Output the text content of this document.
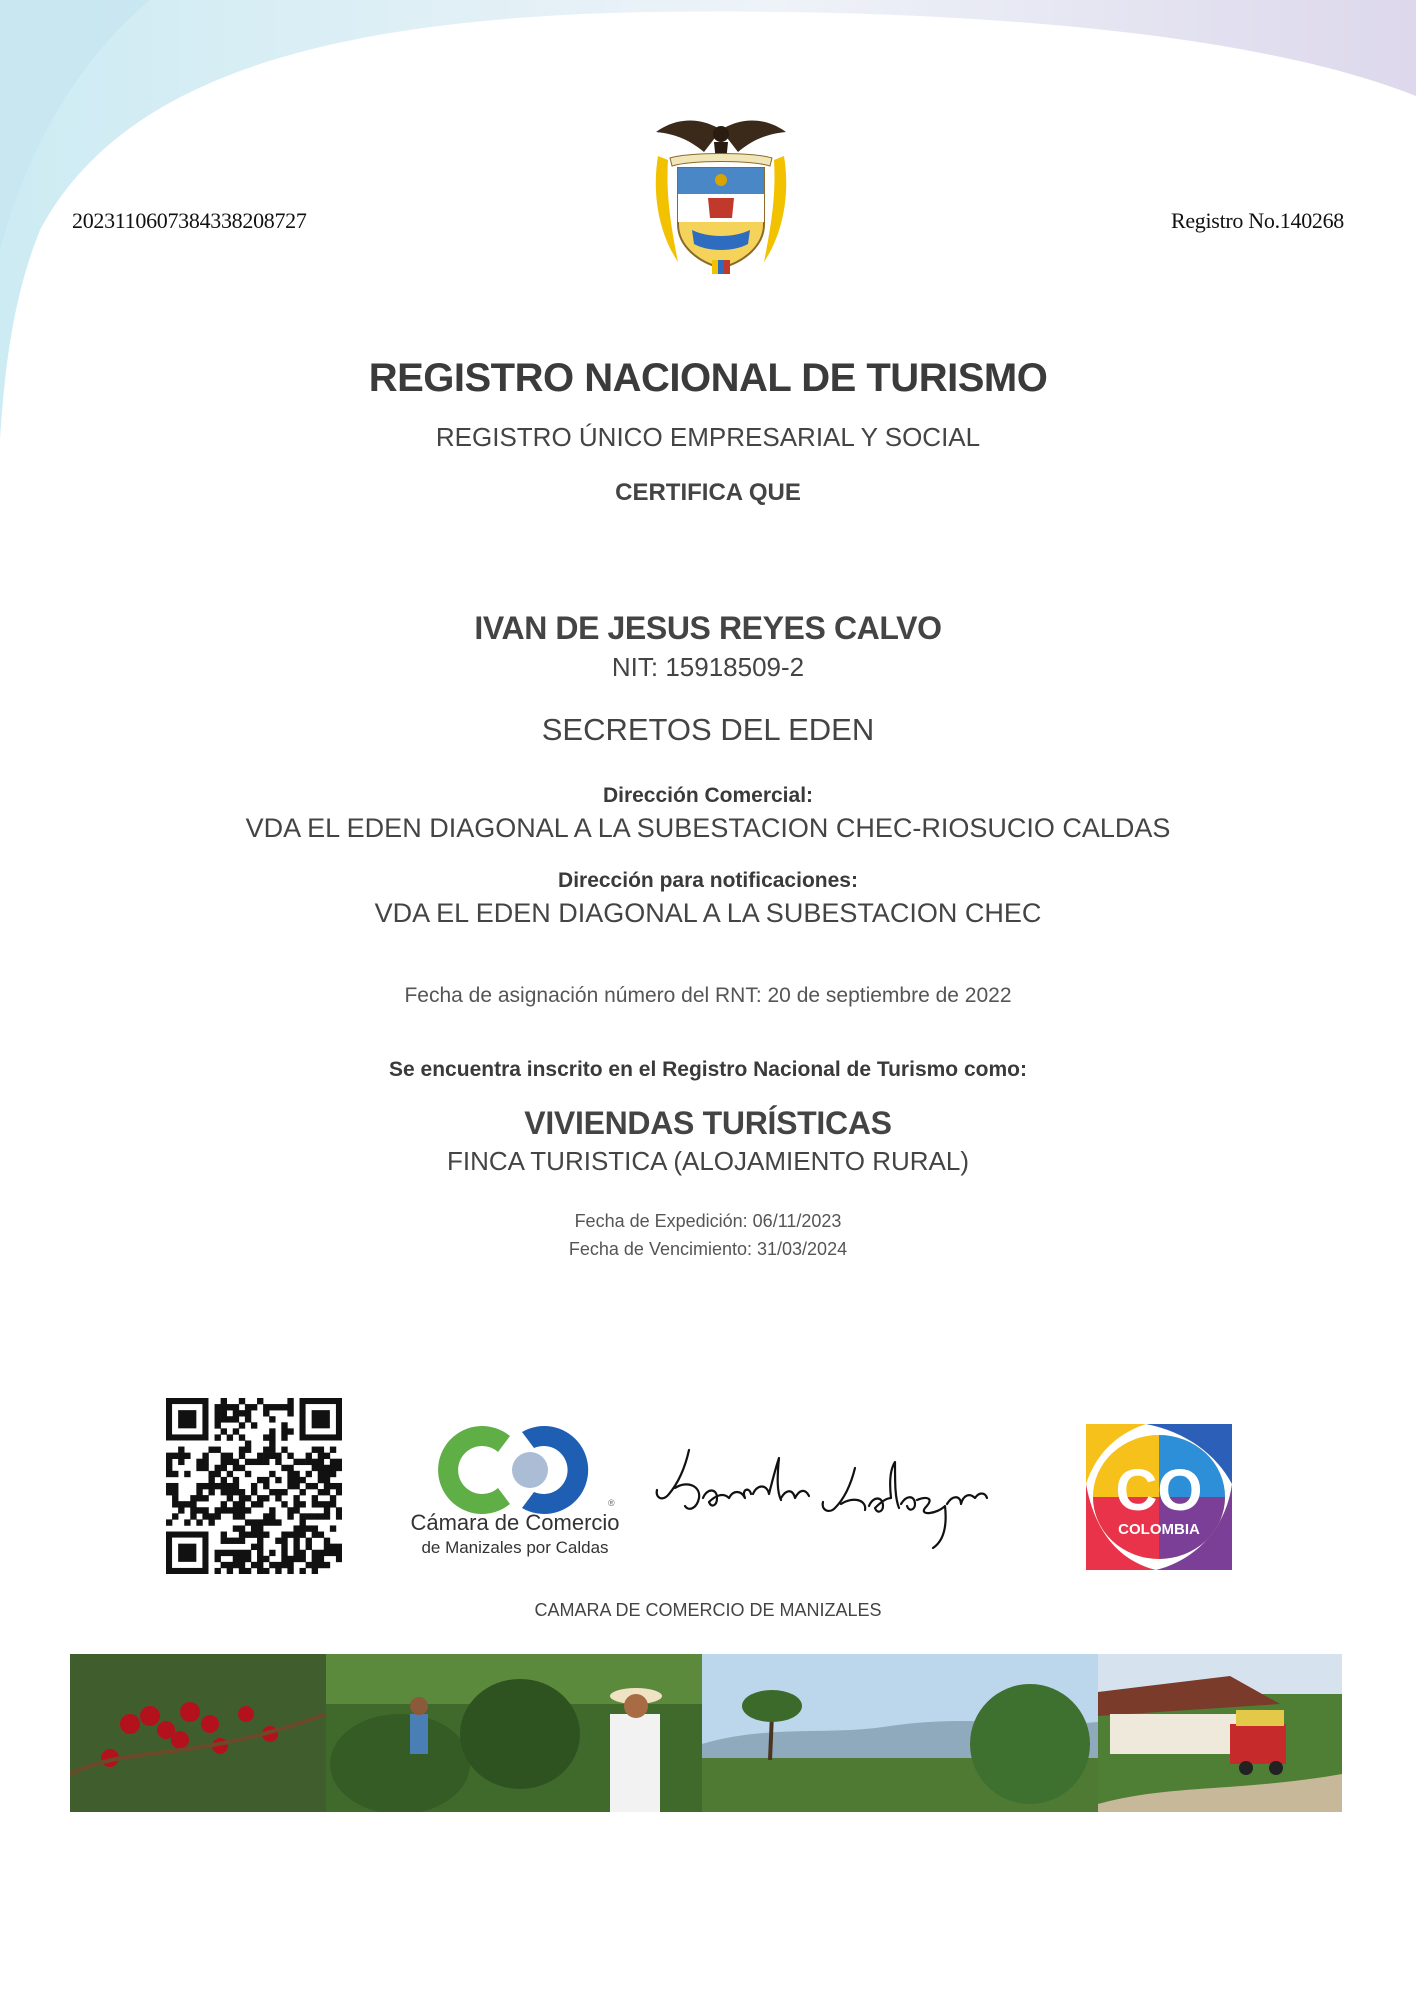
2023110607384338208727	Registro No.140268
REGISTRO NACIONAL DE TURISMO
REGISTRO ÚNICO EMPRESARIAL Y SOCIAL
CERTIFICA QUE
IVAN DE JESUS REYES CALVO
NIT: 15918509-2
SECRETOS DEL EDEN
Dirección Comercial:
VDA EL EDEN DIAGONAL A LA SUBESTACION CHEC-RIOSUCIO CALDAS
Dirección para notificaciones:
VDA EL EDEN DIAGONAL A LA SUBESTACION CHEC
Fecha de asignación número del RNT: 20 de septiembre de 2022
Se encuentra inscrito en el Registro Nacional de Turismo como:
VIVIENDAS TURÍSTICAS
FINCA TURISTICA (ALOJAMIENTO RURAL)
Fecha de Expedición: 06/11/2023
Fecha de Vencimiento: 31/03/2024
®
Cámara de Comercio
de Manizales por Caldas
CO
COLOMBIA
CAMARA DE COMERCIO DE MANIZALES
